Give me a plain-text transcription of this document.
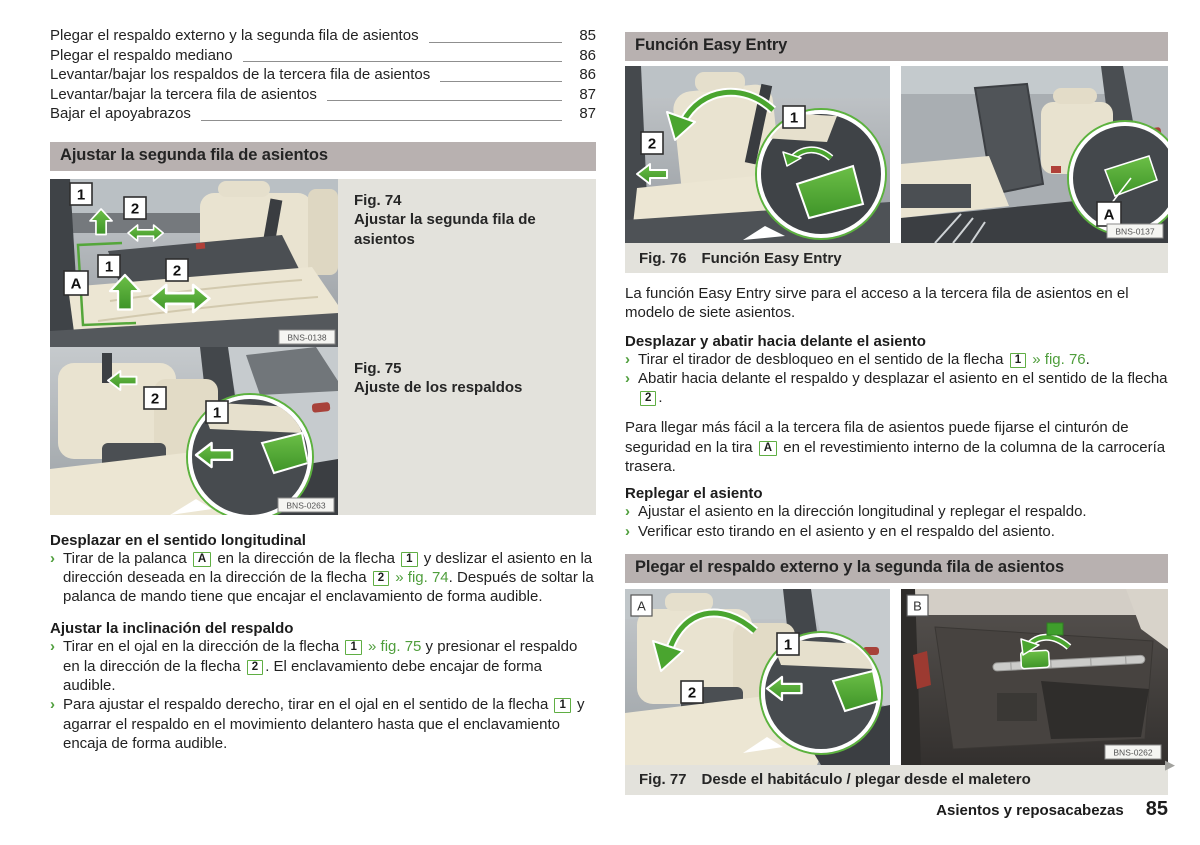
Plegar el respaldo externo y la segunda fila de asientos	85
Plegar el respaldo mediano	86
Levantar/bajar los respaldos de la tercera fila de asientos	86
Levantar/bajar la tercera fila de asientos	87
Bajar el apoyabrazos	87
Ajustar la segunda fila de asientos
1
2
1	2
A
BNS-0138

Fig. 74

Ajustar la segunda fila de asientos

1
2
BNS-0263

Fig. 75

Ajuste de los respaldos

Desplazar en el sentido longitudinal

› Tirar de la palanca A en la dirección de la flecha 1 y deslizar el asiento en la dirección deseada en la dirección de la flecha 2 » fig. 74. Después de soltar la palanca de mando tiene que encajar el enclavamiento de forma audible.

Ajustar la inclinación del respaldo

› Tirar en el ojal en la dirección de la flecha 1 » fig. 75 y presionar el respaldo en la dirección de la flecha 2 . El enclavamiento debe encajar de forma audible.
› Para ajustar el respaldo derecho, tirar en el ojal en el sentido de la flecha 1 y agarrar el respaldo en el movimiento delantero hasta que el enclavamiento encaja de forma audible.
Función Easy Entry
1
2
A
BNS-0137
Fig. 76 Función Easy Entry

La función Easy Entry sirve para el acceso a la tercera fila de asientos en el modelo de siete asientos.

Desplazar y abatir hacia delante el asiento

› Tirar el tirador de desbloqueo en el sentido de la flecha 1 » fig. 76.
› Abatir hacia delante el respaldo y desplazar el asiento en el sentido de la flecha 2 .

Para llegar más fácil a la tercera fila de asientos puede fijarse el cinturón de seguridad en la tira A en el revestimiento interno de la columna de la carrocería trasera.

Replegar el asiento

› Ajustar el asiento en la dirección longitudinal y replegar el respaldo.
› Verificar esto tirando en el asiento y en el respaldo del asiento.
Plegar el respaldo externo y la segunda fila de asientos
1
2
A	B
BNS-0262
Fig. 77 Desde el habitáculo / plegar desde el maletero
▶
Asientos y reposacabezas 85
